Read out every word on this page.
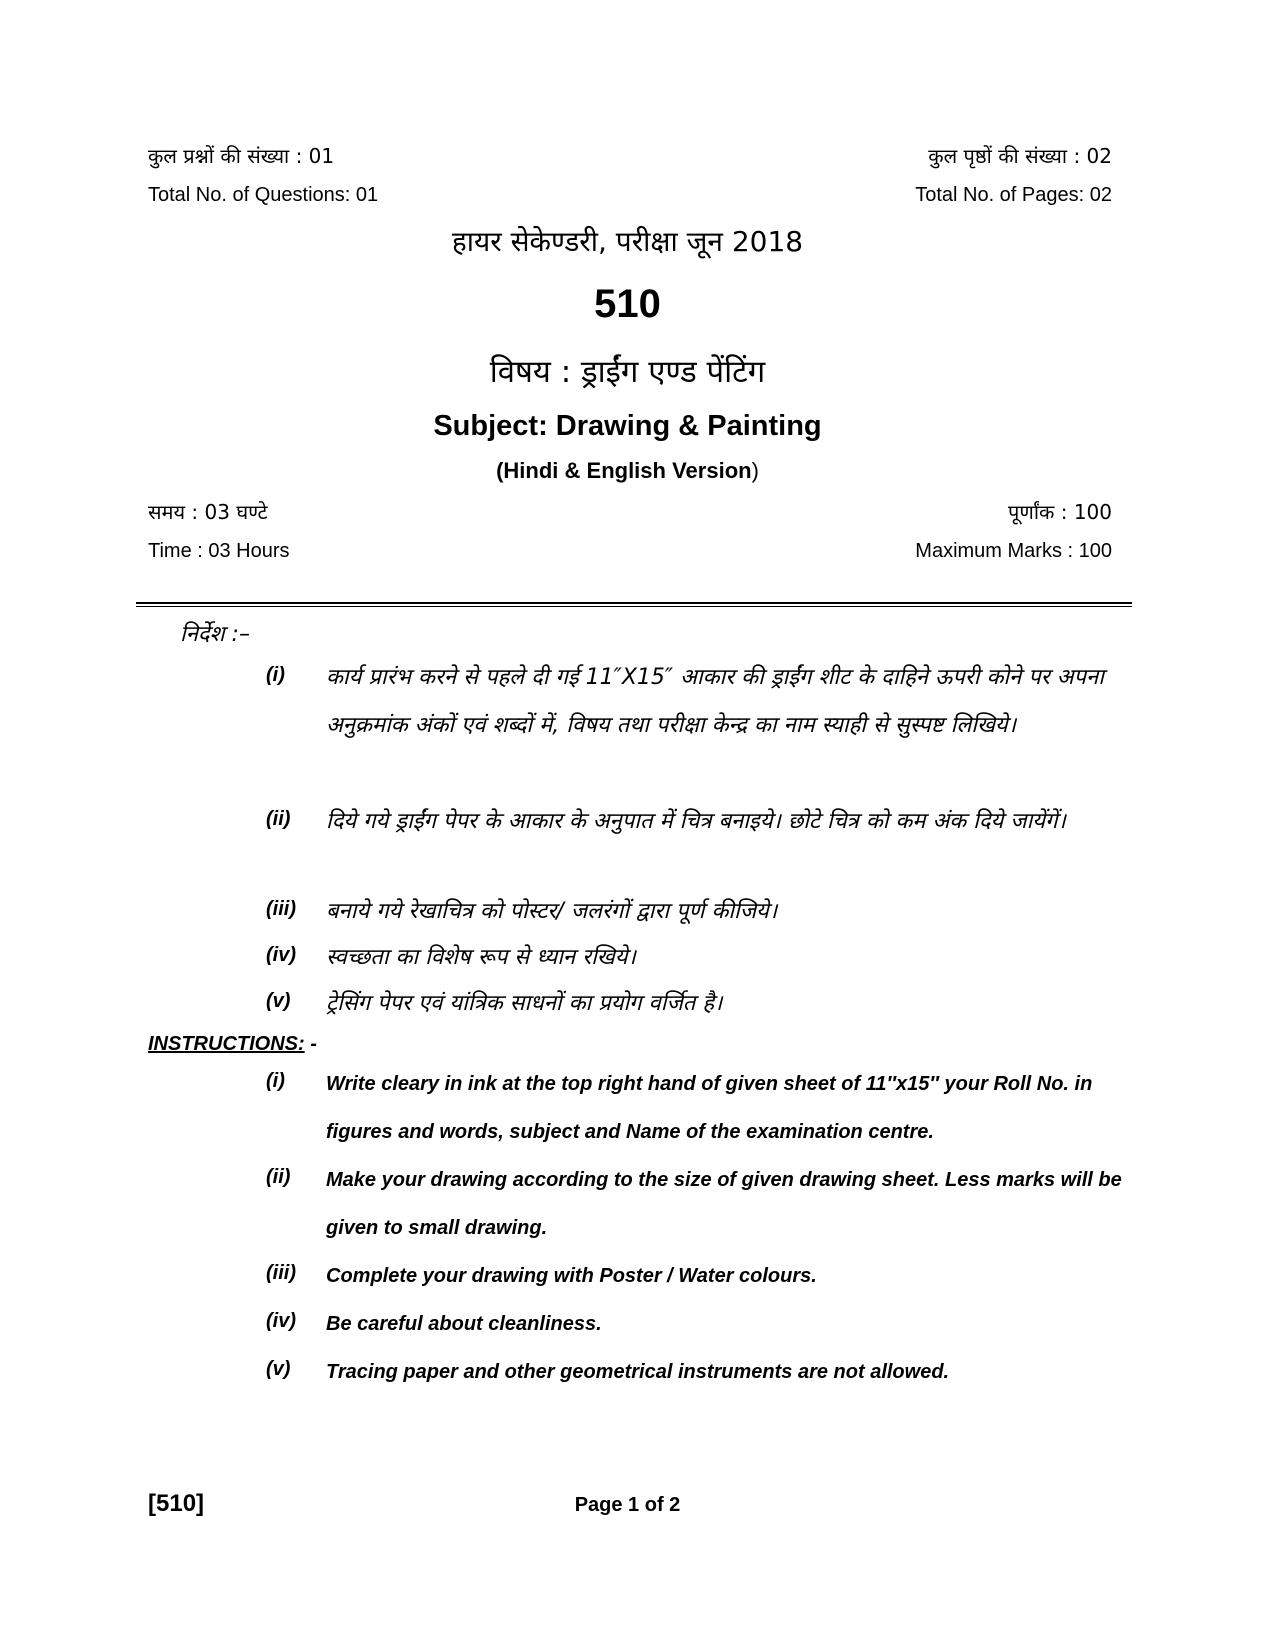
कुल प्रश्नों की संख्या : 01	कुल पृष्ठों की संख्या : 02
Total No. of Questions: 01	Total No. of Pages: 02
हायर सेकेण्डरी, परीक्षा जून 2018
510
विषय : ड्राईंग एण्ड पेंटिंग
Subject: Drawing & Painting
(Hindi & English Version)
समय : 03 घण्टे	पूर्णांक : 100
Time : 03 Hours	Maximum Marks : 100
निर्देश :–
(i) कार्य प्रारंभ करने से पहले दी गई 11″X15″ आकार की ड्राईंग शीट के दाहिने ऊपरी कोने पर अपना अनुक्रमांक अंकों एवं शब्दों में, विषय तथा परीक्षा केन्द्र का नाम स्याही से सुस्पष्ट लिखिये।
(ii) दिये गये ड्राईंग पेपर के आकार के अनुपात में चित्र बनाइये। छोटे चित्र को कम अंक दिये जायेंगें।
(iii) बनाये गये रेखाचित्र को पोस्टर/ जलरंगों द्वारा पूर्ण कीजिये।
(iv) स्वच्छता का विशेष रूप से ध्यान रखिये।
(v) ट्रेसिंग पेपर एवं यांत्रिक साधनों का प्रयोग वर्जित है।
INSTRUCTIONS: -
(i) Write cleary in ink at the top right hand of given sheet of 11″x15″ your Roll No. in figures and words, subject and Name of the examination centre.
(ii) Make your drawing according to the size of given drawing sheet. Less marks will be given to small drawing.
(iii) Complete your drawing with Poster / Water colours.
(iv) Be careful about cleanliness.
(v) Tracing paper and other geometrical instruments are not allowed.
[510]	Page 1 of 2
